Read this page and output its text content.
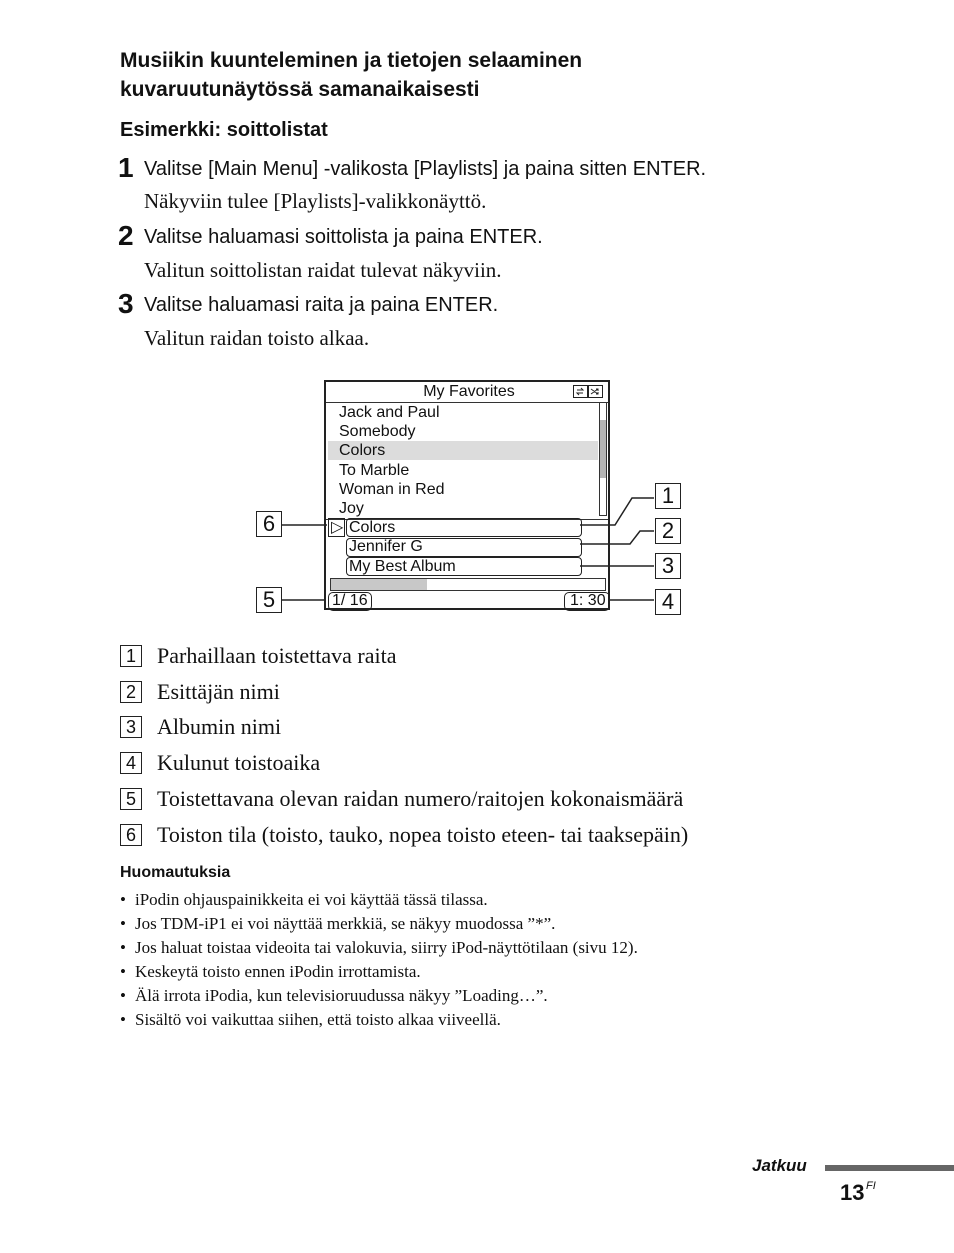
Musiikin kuunteleminen ja tietojen selaaminen
kuvaruutunäytössä samanaikaisesti
Esimerkki: soittolistat
1 Valitse [Main Menu] -valikosta [Playlists] ja paina sitten ENTER.
Näkyviin tulee [Playlists]-valikkonäyttö.
2 Valitse haluamasi soittolista ja paina ENTER.
Valitun soittolistan raidat tulevat näkyviin.
3 Valitse haluamasi raita ja paina ENTER.
Valitun raidan toisto alkaa.
My Favorites
Jack and Paul
Somebody
Colors
To Marble
Woman in Red
Joy
▷ Colors
Jennifer G
My Best Album
1/ 16	1: 30
1
2
3
4
5
6
1 Parhaillaan toistettava raita
2 Esittäjän nimi
3 Albumin nimi
4 Kulunut toistoaika
5 Toistettavana olevan raidan numero/raitojen kokonaismäärä
6 Toiston tila (toisto, tauko, nopea toisto eteen- tai taaksepäin)
Huomautuksia
• iPodin ohjauspainikkeita ei voi käyttää tässä tilassa.
• Jos TDM-iP1 ei voi näyttää merkkiä, se näkyy muodossa ”*”.
• Jos haluat toistaa videoita tai valokuvia, siirry iPod-näyttötilaan (sivu 12).
• Keskeytä toisto ennen iPodin irrottamista.
• Älä irrota iPodia, kun televisioruudussa näkyy ”Loading…”.
• Sisältö voi vaikuttaa siihen, että toisto alkaa viiveellä.
Jatkuu
13 FI
